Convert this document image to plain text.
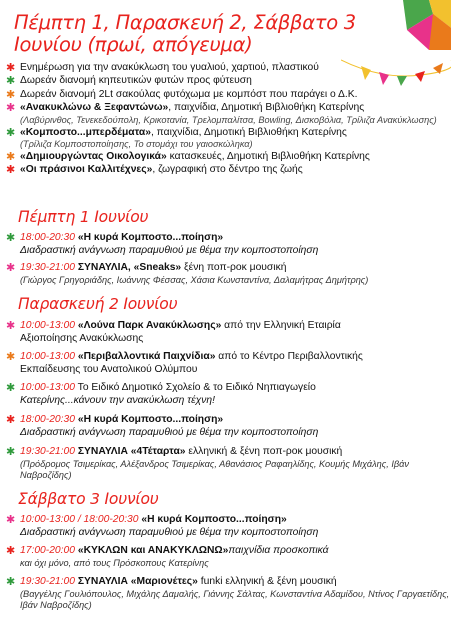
Πέμπτη 1, Παρασκευή 2, Σάββατο 3 Ιουνίου (πρωί, απόγευμα)
✱ Ενημέρωση για την ανακύκλωση του γυαλιού, χαρτιού, πλαστικού
✱ Δωρεάν διανομή κηπευτικών φυτών προς φύτευση
✱ Δωρεάν διανομή 2Lt σακούλας φυτόχωμα με κομπόστ που παράγει ο Δ.Κ.
✱ «Ανακυκλώνω & Ξεφαντώνω», παιχνίδια, Δημοτική Βιβλιοθήκη Κατερίνης
(Λαβύρινθος, Τενεκεδούπολη, Κρικοτανία, Τρελομπαλίτσα, Bowling, Δισκοβόλια, Τρίλιζα Ανακύκλωσης)
✱ «Κομποστο...μπερδέματα», παιχνίδια, Δημοτική Βιβλιοθήκη Κατερίνης
(Τρίλιζα Κομποστοποίησης, Το στομάχι του γαιοσκώληκα)
✱ «Δημιουργώντας Οικολογικά» κατασκευές, Δημοτική Βιβλιοθήκη Κατερίνης
✱ «Οι πράσινοι Καλλιτέχνες», ζωγραφική στο δέντρο της ζωής
Πέμπτη 1 Ιουνίου
✱ 18:00-20:30 «Η κυρά Κομποστο...ποίηση»
Διαδραστική ανάγνωση παραμυθιού με θέμα την κομποστοποίηση
✱ 19:30-21:00 ΣΥΝΑΥΛΙΑ, «Sneaks» ξένη ποπ-ροκ μουσική
(Γιώργος Γρηγοριάδης, Ιωάννης Φέσσας, Χάσια Κωνσταντίνα, Δαλαμήτρας Δημήτρης)
Παρασκευή 2 Ιουνίου
✱ 10:00-13:00 «Λούνα Παρκ Ανακύκλωσης» από την Ελληνική Εταιρία
Αξιοποίησης Ανακύκλωσης
✱ 10:00-13:00 «Περιβαλλοντικά Παιχνίδια» από το Κέντρο Περιβαλλοντικής
Εκπαίδευσης του Ανατολικού Ολύμπου
✱ 10:00-13:00 Το Ειδικό Δημοτικό Σχολείο & το Ειδικό Νηπιαγωγείο
Κατερίνης...κάνουν την ανακύκλωση τέχνη!
✱ 18:00-20:30 «Η κυρά Κομποστο...ποίηση»
Διαδραστική ανάγνωση παραμυθιού με θέμα την κομποστοποίηση
✱ 19:30-21:00 ΣΥΝΑΥΛΙΑ «4Τέταρτα» ελληνική & ξένη ποπ-ροκ μουσική
(Πρόδρομος Τσιμερίκας, Αλέξανδρος Τσιμερίκας, Αθανάσιος Ραφαηλίδης, Κουμής Μιχάλης, Ιβάν Ναβροζίδης)
Σάββατο 3 Ιουνίου
✱ 10:00-13:00 / 18:00-20:30 «Η κυρά Κομποστο...ποίηση»
Διαδραστική ανάγνωση παραμυθιού με θέμα την κομποστοποίηση
✱ 17:00-20:00 «ΚΥΚΛΩΝ και ΑΝΑΚΥΚΛΩΝΩ»παιχνίδια προσκοπικά
και όχι μόνο, από τους Πρόσκοπους Κατερίνης
✱ 19:30-21:00 ΣΥΝΑΥΛΙΑ «Μαριονέτες» funki ελληνική & ξένη μουσική
(Βαγγέλης Γουλιόπουλος, Μιχάλης Δαμαλής, Γιάννης Σάλτας, Κωνσταντίνα Αδαμίδου, Ντίνος Γαργαετίδης, Ιβάν Ναβροζίδης)
